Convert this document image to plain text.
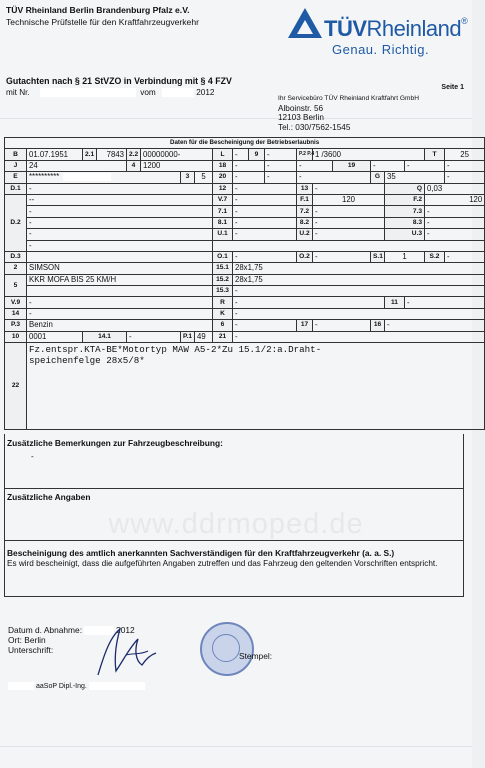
TÜV Rheinland Berlin Brandenburg Pfalz e.V.
Technische Prüfstelle für den Kraftfahrzeugverkehr	TÜVRheinland®
Genau. Richtig.
Gutachten nach § 21 StVZO in Verbindung mit § 4 FZV
mit Nr.	vom	2012
Seite 1
Ihr Servicebüro TÜV Rheinland Kraftfahrt GmbH
Alboinstr. 56
12103 Berlin
Tel.: 030/7562-1545
Daten für die Bescheinigung der Betriebserlaubnis																				
B	01.07.1951	2.1	7843	2.2	00000000-			L	-	9	-	P.2 P.4	1 /3600					T	25	
J	24			4	1200			18	-		-	-		19	-		-		-	
E	**********					3	5	20	-		-	-			G	35			-	
D.1	-							12	-			13	-			Q		0,03		
D.2	--							V.7	-			F.1	120			F.2		120		
	-							7.1	-			7.2	-			7.3		-		
	-							8.1	-			8.2	-			8.3		-		
	-							U.1	-			U.2	-			U.3		-		
	-																			
D.3								O.1	-			O.2	-		S.1	1		S.2	-	
2	SIMSON							15.1	28x1,75											
5	KKR MOFA BIS 25 KM/H							15.2	28x1,75											
								15.3	-											
V.9	-							R	-							11	-			
14	-							K	-											
P.3	Benzin							6	-			17	-		16	-				
10	0001	14.1		-		P.1	49	21	-											
22	Fz.entspr.KTA-BE*Motortyp MAW A5-2*Zu 15.1/2:a.Draht-
speichenfelge 28x5/8*																			
Zusätzliche Bemerkungen zur Fahrzeugbeschreibung:
-
Zusätzliche Angaben
www.ddrmoped.de
Bescheinigung des amtlich anerkannten Sachverständigen für den Kraftfahrzeugverkehr (a. a. S.)
Es wird bescheinigt, dass die aufgeführten Angaben zutreffen und das Fahrzeug den geltenden Vorschriften entspricht.
Datum d. Abnahme:	2012
Ort: Berlin
Unterschrift:
Stempel:
aaSoP Dipl.-Ing.
